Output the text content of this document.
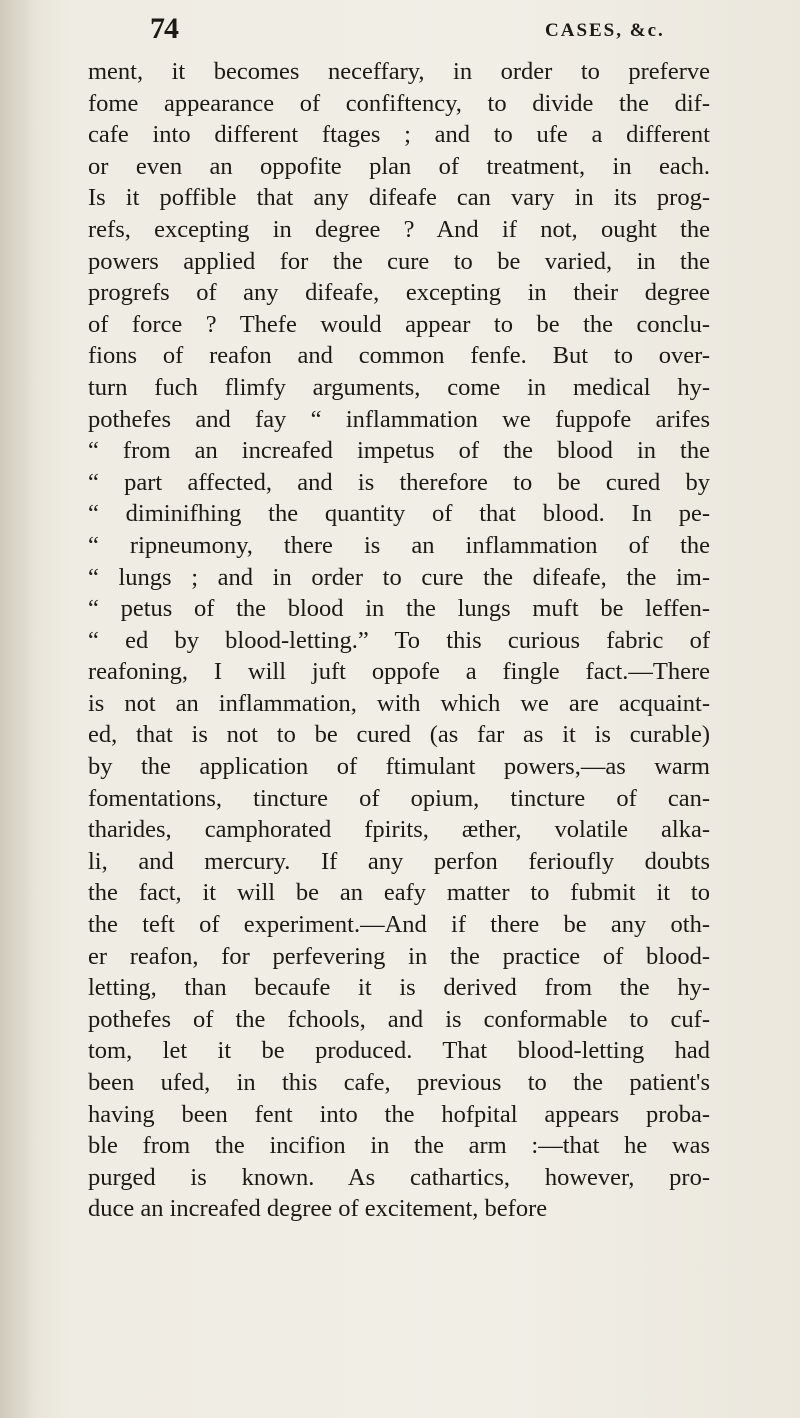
74	CASES, &c.
ment, it becomes neceffary, in order to preferve
fome appearance of confiftency, to divide the dif-
cafe into different ftages ; and to ufe a different
or even an oppofite plan of treatment, in each.
Is it poffible that any difeafe can vary in its prog-
refs, excepting in degree ? And if not, ought the
powers applied for the cure to be varied, in the
progrefs of any difeafe, excepting in their degree
of force ? Thefe would appear to be the conclu-
fions of reafon and common fenfe. But to over-
turn fuch flimfy arguments, come in medical hy-
pothefes and fay “ inflammation we fuppofe arifes
“ from an increafed impetus of the blood in the
“ part affected, and is therefore to be cured by
“ diminifhing the quantity of that blood. In pe-
“ ripneumony, there is an inflammation of the
“ lungs ; and in order to cure the difeafe, the im-
“ petus of the blood in the lungs muft be leffen-
“ ed by blood-letting.” To this curious fabric of
reafoning, I will juft oppofe a fingle fact.—There
is not an inflammation, with which we are acquaint-
ed, that is not to be cured (as far as it is curable)
by the application of ftimulant powers,—as warm
fomentations, tincture of opium, tincture of can-
tharides, camphorated fpirits, æther, volatile alka-
li, and mercury. If any perfon ferioufly doubts
the fact, it will be an eafy matter to fubmit it to
the teft of experiment.—And if there be any oth-
er reafon, for perfevering in the practice of blood-
letting, than becaufe it is derived from the hy-
pothefes of the fchools, and is conformable to cuf-
tom, let it be produced. That blood-letting had
been ufed, in this cafe, previous to the patient's
having been fent into the hofpital appears proba-
ble from the incifion in the arm :—that he was
purged is known. As cathartics, however, pro-
duce an increafed degree of excitement, before
